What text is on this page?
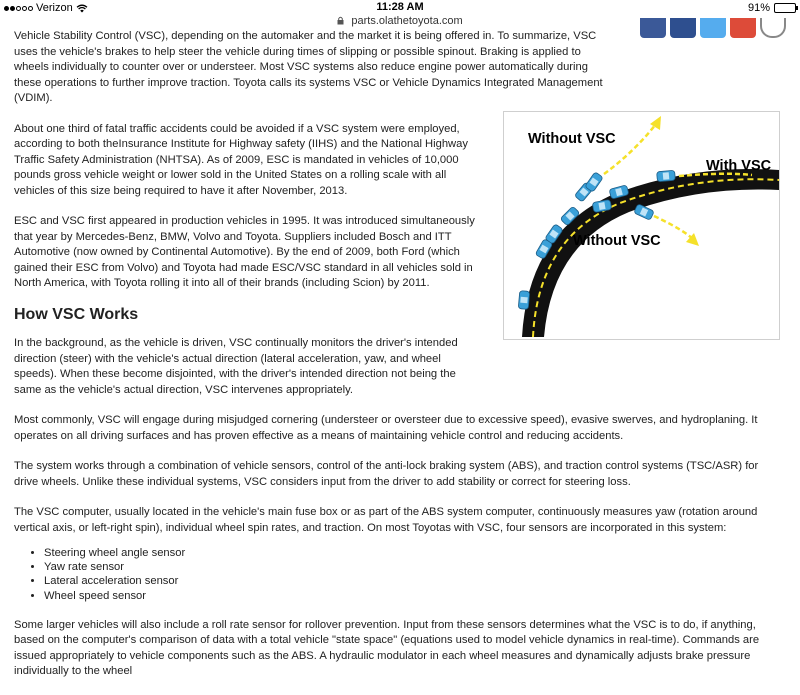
Verizon	11:28 AM	91%
parts.olathetoyota.com

Vehicle Stability Control (VSC), depending on the automaker and the market it is being offered in. To summarize, VSC uses the vehicle's brakes to help steer the vehicle during times of slipping or possible spinout. Braking is applied to wheels individually to counter over or understeer. Most VSC systems also reduce engine power automatically during these operations to further improve traction. Toyota calls its systems VSC or Vehicle Dynamics Integrated Management (VDIM).

About one third of fatal traffic accidents could be avoided if a VSC system were employed, according to both theInsurance Institute for Highway safety (IIHS) and the National Highway Traffic Safety Administration (NHTSA). As of 2009, ESC is mandated in vehicles of 10,000 pounds gross vehicle weight or lower sold in the United States on a rolling scale with all vehicles of this size being required to have it after November, 2013.

ESC and VSC first appeared in production vehicles in 1995. It was introduced simultaneously that year by Mercedes-Benz, BMW, Volvo and Toyota. Suppliers included Bosch and ITT Automotive (now owned by Continental Automotive). By the end of 2009, both Ford (which gained their ESC from Volvo) and Toyota had made ESC/VSC standard in all vehicles sold in North America, with Toyota rolling it into all of their brands (including Scion) by 2011.

How VSC Works

In the background, as the vehicle is driven, VSC continually monitors the driver's intended direction (steer) with the vehicle's actual direction (lateral acceleration, yaw, and wheel speeds). When these become disjointed, with the driver's intended direction not being the same as the vehicle's actual direction, VSC intervenes appropriately.

Most commonly, VSC will engage during misjudged cornering (understeer or oversteer due to excessive speed), evasive swerves, and hydroplaning. It operates on all driving surfaces and has proven effective as a means of maintaining vehicle control and reducing accidents.

The system works through a combination of vehicle sensors, control of the anti-lock braking system (ABS), and traction control systems (TSC/ASR) for drive wheels. Unlike these individual systems, VSC considers input from the driver to add stability or correct for steering loss.

The VSC computer, usually located in the vehicle's main fuse box or as part of the ABS system computer, continuously measures yaw (rotation around vertical axis, or left-right spin), individual wheel spin rates, and traction. On most Toyotas with VSC, four sensors are incorporated in this system:

• Steering wheel angle sensor
• Yaw rate sensor
• Lateral acceleration sensor
• Wheel speed sensor

Some larger vehicles will also include a roll rate sensor for rollover prevention. Input from these sensors determines what the VSC is to do, if anything, based on the computer's comparison of data with a total vehicle "state space" (equations used to model vehicle dynamics in real-time). Commands are issued appropriately to vehicle components such as the ABS. A hydraulic modulator in each wheel measures and dynamically adjusts brake pressure individually to the wheel

Without VSC
With VSC
Without VSC
